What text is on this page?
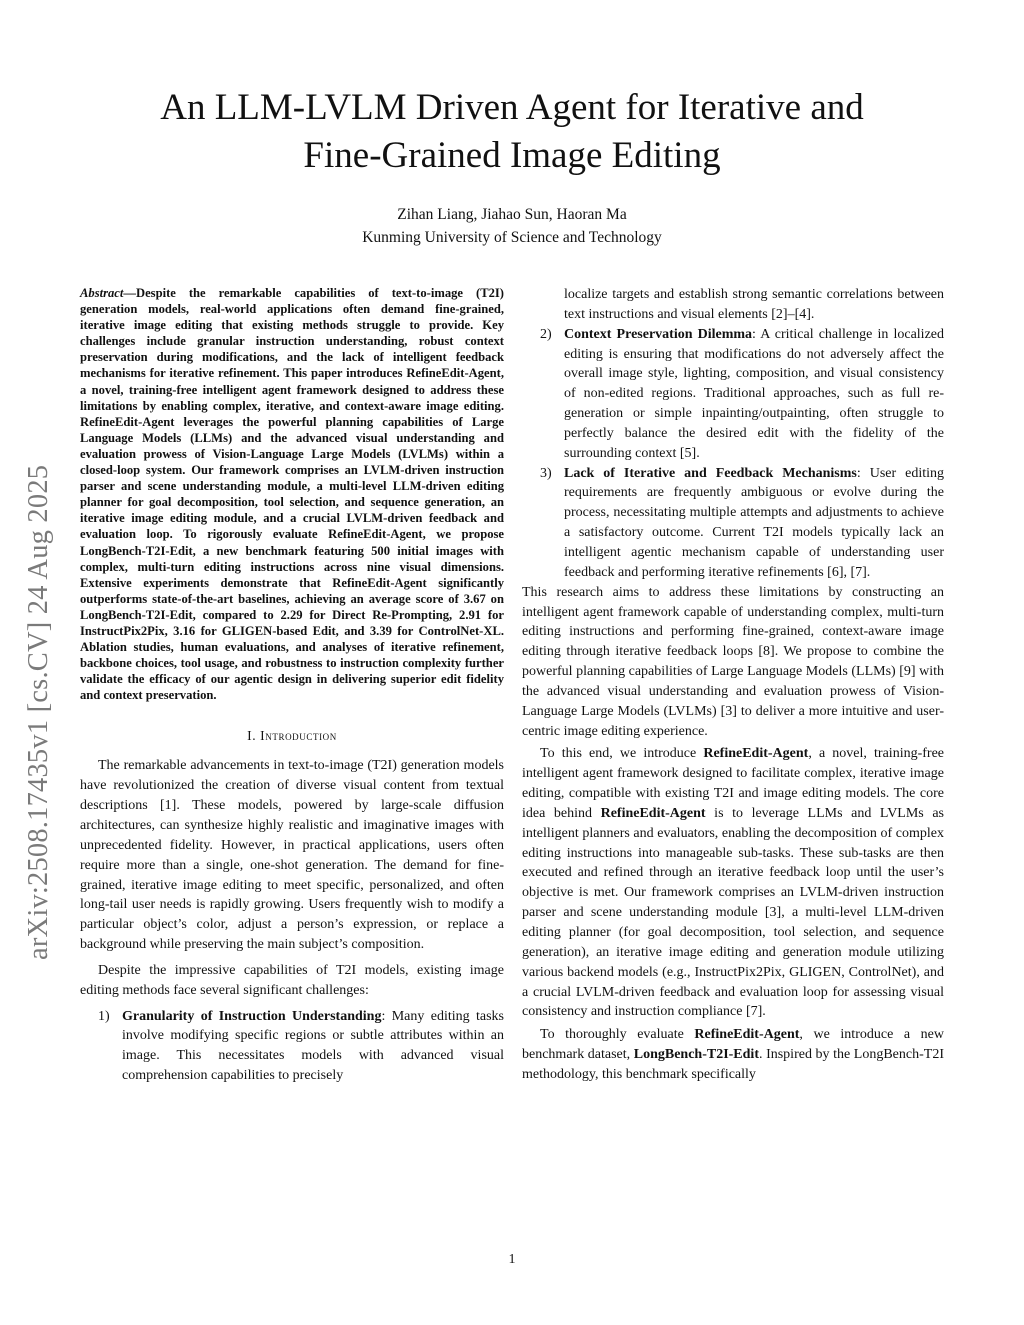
An LLM-LVLM Driven Agent for Iterative and
Fine-Grained Image Editing
Zihan Liang, Jiahao Sun, Haoran Ma
Kunming University of Science and Technology
arXiv:2508.17435v1 [cs.CV] 24 Aug 2025

Abstract—Despite the remarkable capabilities of text-to-image (T2I) generation models, real-world applications often demand fine-grained, iterative image editing that existing methods struggle to provide. Key challenges include granular instruction understanding, robust context preservation during modifications, and the lack of intelligent feedback mechanisms for iterative refinement. This paper introduces RefineEdit-Agent, a novel, training-free intelligent agent framework designed to address these limitations by enabling complex, iterative, and context-aware image editing. RefineEdit-Agent leverages the powerful planning capabilities of Large Language Models (LLMs) and the advanced visual understanding and evaluation prowess of Vision-Language Large Models (LVLMs) within a closed-loop system. Our framework comprises an LVLM-driven instruction parser and scene understanding module, a multi-level LLM-driven editing planner for goal decomposition, tool selection, and sequence generation, an iterative image editing module, and a crucial LVLM-driven feedback and evaluation loop. To rigorously evaluate RefineEdit-Agent, we propose LongBench-T2I-Edit, a new benchmark featuring 500 initial images with complex, multi-turn editing instructions across nine visual dimensions. Extensive experiments demonstrate that RefineEdit-Agent significantly outperforms state-of-the-art baselines, achieving an average score of 3.67 on LongBench-T2I-Edit, compared to 2.29 for Direct Re-Prompting, 2.91 for InstructPix2Pix, 3.16 for GLIGEN-based Edit, and 3.39 for ControlNet-XL. Ablation studies, human evaluations, and analyses of iterative refinement, backbone choices, tool usage, and robustness to instruction complexity further validate the efficacy of our agentic design in delivering superior edit fidelity and context preservation.

I. Introduction

The remarkable advancements in text-to-image (T2I) generation models have revolutionized the creation of diverse visual content from textual descriptions [1]. These models, powered by large-scale diffusion architectures, can synthesize highly realistic and imaginative images with unprecedented fidelity. However, in practical applications, users often require more than a single, one-shot generation. The demand for fine-grained, iterative image editing to meet specific, personalized, and often long-tail user needs is rapidly growing. Users frequently wish to modify a particular object’s color, adjust a person’s expression, or replace a background while preserving the main subject’s composition.

Despite the impressive capabilities of T2I models, existing image editing methods face several significant challenges:

1) Granularity of Instruction Understanding: Many editing tasks involve modifying specific regions or subtle attributes within an image. This necessitates models with advanced visual comprehension capabilities to precisely

localize targets and establish strong semantic correlations between text instructions and visual elements [2]–[4].

2) Context Preservation Dilemma: A critical challenge in localized editing is ensuring that modifications do not adversely affect the overall image style, lighting, composition, and visual consistency of non-edited regions. Traditional approaches, such as full re-generation or simple inpainting/outpainting, often struggle to perfectly balance the desired edit with the fidelity of the surrounding context [5].
3) Lack of Iterative and Feedback Mechanisms: User editing requirements are frequently ambiguous or evolve during the process, necessitating multiple attempts and adjustments to achieve a satisfactory outcome. Current T2I models typically lack an intelligent agentic mechanism capable of understanding user feedback and performing iterative refinements [6], [7].

This research aims to address these limitations by constructing an intelligent agent framework capable of understanding complex, multi-turn editing instructions and performing fine-grained, context-aware image editing through iterative feedback loops [8]. We propose to combine the powerful planning capabilities of Large Language Models (LLMs) [9] with the advanced visual understanding and evaluation prowess of Vision-Language Large Models (LVLMs) [3] to deliver a more intuitive and user-centric image editing experience.

To this end, we introduce RefineEdit-Agent, a novel, training-free intelligent agent framework designed to facilitate complex, iterative image editing, compatible with existing T2I and image editing models. The core idea behind RefineEdit-Agent is to leverage LLMs and LVLMs as intelligent planners and evaluators, enabling the decomposition of complex editing instructions into manageable sub-tasks. These sub-tasks are then executed and refined through an iterative feedback loop until the user’s objective is met. Our framework comprises an LVLM-driven instruction parser and scene understanding module [3], a multi-level LLM-driven editing planner (for goal decomposition, tool selection, and sequence generation), an iterative image editing and generation module utilizing various backend models (e.g., InstructPix2Pix, GLIGEN, ControlNet), and a crucial LVLM-driven feedback and evaluation loop for assessing visual consistency and instruction compliance [7].

To thoroughly evaluate RefineEdit-Agent, we introduce a new benchmark dataset, LongBench-T2I-Edit. Inspired by the LongBench-T2I methodology, this benchmark specifically

1
